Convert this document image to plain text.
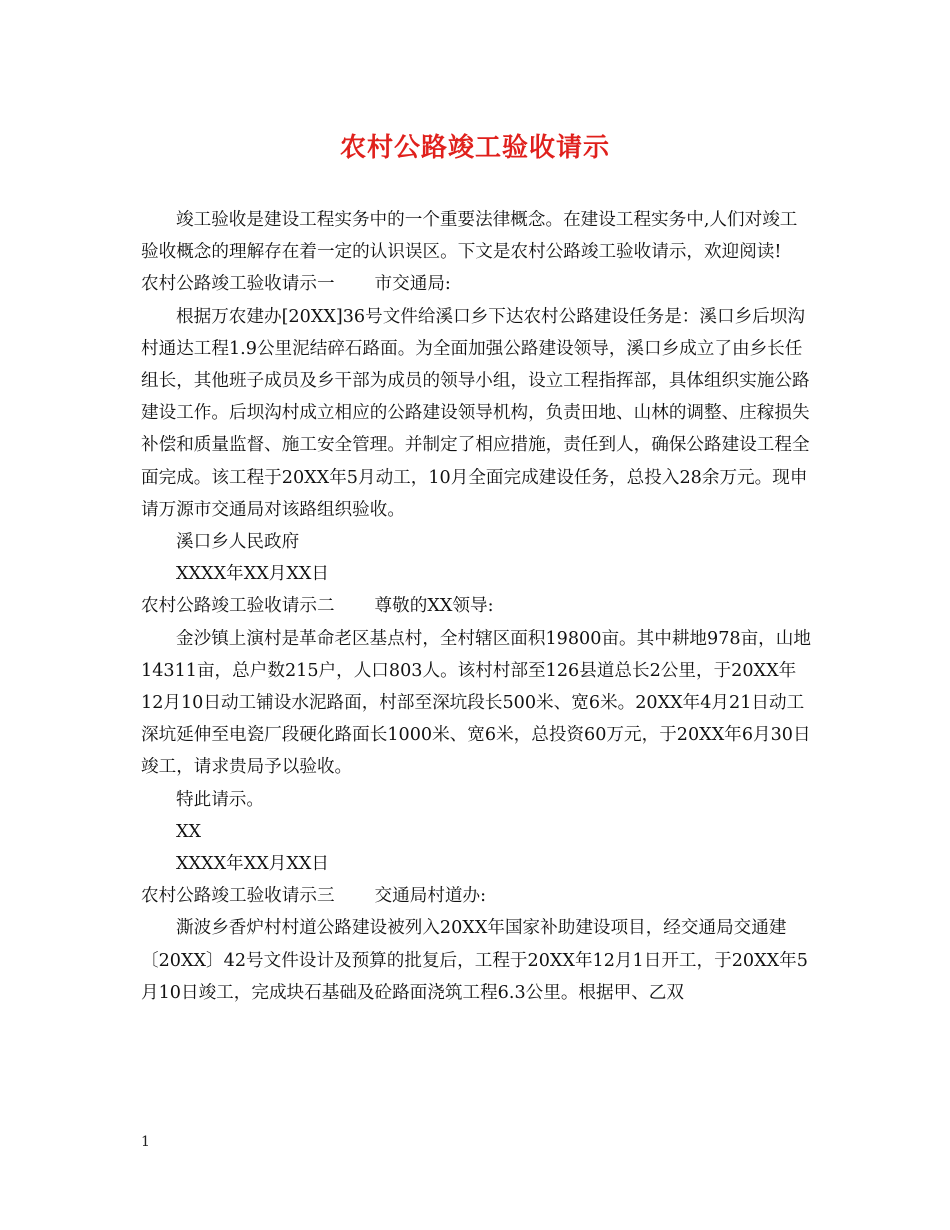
农村公路竣工验收请示

竣工验收是建设工程实务中的一个重要法律概念。在建设工程实务中,人们对竣工验收概念的理解存在着一定的认识误区。下文是农村公路竣工验收请示，欢迎阅读!

农村公路竣工验收请示一 市交通局:

根据万农建办[20XX]36号文件给溪口乡下达农村公路建设任务是：溪口乡后坝沟村通达工程1.9公里泥结碎石路面。为全面加强公路建设领导，溪口乡成立了由乡长任组长，其他班子成员及乡干部为成员的领导小组，设立工程指挥部，具体组织实施公路建设工作。后坝沟村成立相应的公路建设领导机构，负责田地、山林的调整、庄稼损失补偿和质量监督、施工安全管理。并制定了相应措施，责任到人，确保公路建设工程全面完成。该工程于20XX年5月动工，10月全面完成建设任务，总投入28余万元。现申请万源市交通局对该路组织验收。

溪口乡人民政府

XXXX年XX月XX日

农村公路竣工验收请示二 尊敬的XX领导:

金沙镇上演村是革命老区基点村，全村辖区面积19800亩。其中耕地978亩，山地14311亩，总户数215户，人口803人。该村村部至126县道总长2公里，于20XX年12月10日动工铺设水泥路面，村部至深坑段长500米、宽6米。20XX年4月21日动工深坑延伸至电瓷厂段硬化路面长1000米、宽6米，总投资60万元，于20XX年6月30日竣工，请求贵局予以验收。

特此请示。

XX

XXXX年XX月XX日

农村公路竣工验收请示三 交通局村道办:

澌波乡香炉村村道公路建设被列入20XX年国家补助建设项目，经交通局交通建〔20XX〕42号文件设计及预算的批复后，工程于20XX年12月1日开工，于20XX年5月10日竣工，完成块石基础及砼路面浇筑工程6.3公里。根据甲、乙双

1
